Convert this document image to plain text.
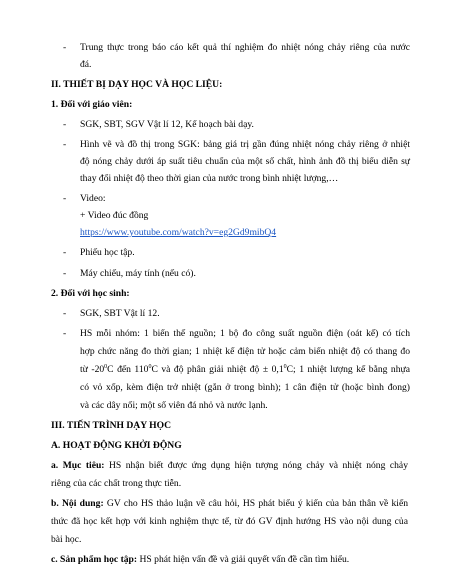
- Trung thực trong báo cáo kết quả thí nghiệm đo nhiệt nóng chảy riêng của nước
đá.
II. THIẾT BỊ DẠY HỌC VÀ HỌC LIỆU:
1. Đối với giáo viên:
- SGK, SBT, SGV Vật lí 12, Kế hoạch bài dạy.
- Hình vẽ và đồ thị trong SGK: bảng giá trị gần đúng nhiệt nóng chảy riêng ở nhiệt
độ nóng chảy dưới áp suất tiêu chuẩn của một số chất, hình ảnh đồ thị biểu diễn sự
thay đổi nhiệt độ theo thời gian của nước trong bình nhiệt lượng,…
- Video:
+ Video đúc đồng
https://www.youtube.com/watch?v=eg2Gd9mibQ4
- Phiếu học tập.
- Máy chiếu, máy tính (nếu có).
2. Đối với học sinh:
- SGK, SBT Vật lí 12.
- HS mỗi nhóm: 1 biến thế nguồn; 1 bộ đo công suất nguồn điện (oát kế) có tích
hợp chức năng đo thời gian; 1 nhiệt kế điện tử hoặc cảm biến nhiệt độ có thang đo
từ $-20^0C$ đến $110^0C$ và độ phân giải nhiệt độ ± $0,1^0C$; 1 nhiệt lượng kế bằng nhựa
có vỏ xốp, kèm điện trở nhiệt (gắn ở trong bình); 1 cân điện tử (hoặc bình đong)
và các dây nối; một số viên đá nhỏ và nước lạnh.
III. TIẾN TRÌNH DẠY HỌC
A. HOẠT ĐỘNG KHỞI ĐỘNG
a. Mục tiêu: HS nhận biết được ứng dụng hiện tượng nóng chảy và nhiệt nóng chảy
riêng của các chất trong thực tiễn.
b. Nội dung: GV cho HS thảo luận về câu hỏi, HS phát biểu ý kiến của bản thân về kiến
thức đã học kết hợp với kinh nghiệm thực tế, từ đó GV định hướng HS vào nội dung của
bài học.
c. Sản phẩm học tập: HS phát hiện vấn đề và giải quyết vấn đề cần tìm hiểu.
